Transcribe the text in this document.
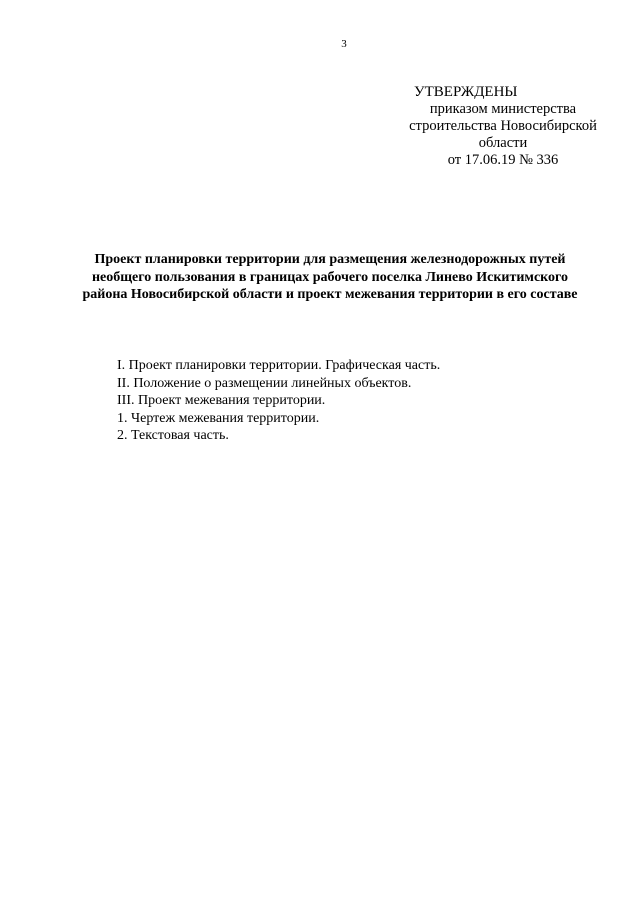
3
УТВЕРЖДЕНЫ
приказом министерства
строительства Новосибирской
области
от 17.06.19 № 336
Проект планировки территории для размещения железнодорожных путей необщего пользования в границах рабочего поселка Линево Искитимского района Новосибирской области и проект межевания территории в его составе
I. Проект планировки территории. Графическая часть.
II. Положение о размещении линейных объектов.
III. Проект межевания территории.
1. Чертеж межевания территории.
2. Текстовая часть.
